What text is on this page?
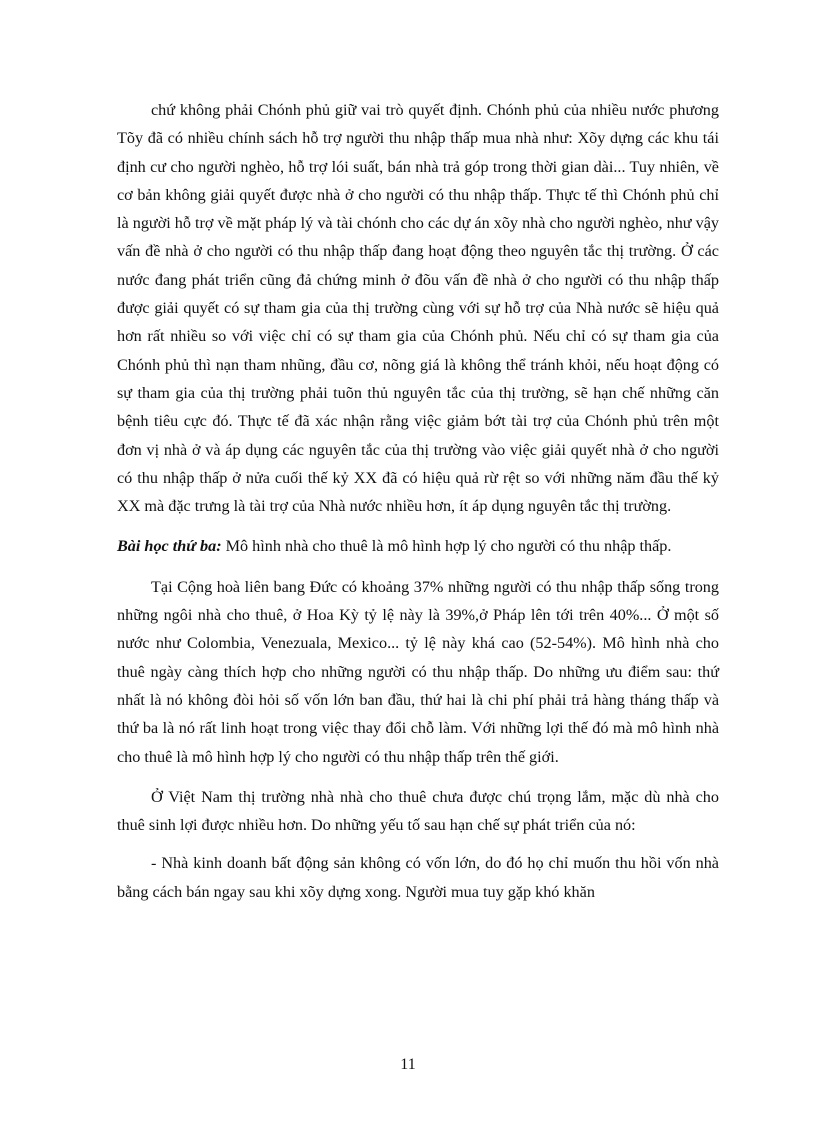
chứ không phải Chónh phủ giữ vai trò quyết định. Chónh phủ của nhiều nước phương Tõy đã có nhiều chính sách hỗ trợ người thu nhập thấp mua nhà như: Xõy dựng các khu tái định cư cho người nghèo, hỗ trợ lói suất, bán nhà trả góp trong thời gian dài... Tuy nhiên, về cơ bản không giải quyết được nhà ở cho người có thu nhập thấp. Thực tế thì Chónh phủ chỉ là người hỗ trợ về mặt pháp lý và tài chónh cho các dự án xõy nhà cho người nghèo, như vậy vấn đề nhà ở cho người có thu nhập thấp đang hoạt động theo nguyên tắc thị trường. Ở các nước đang phát triển cũng đả chứng minh ở đõu vấn đề nhà ở cho người có thu nhập thấp được giải quyết có sự tham gia của thị trường cùng với sự hỗ trợ của Nhà nước sẽ hiệu quả hơn rất nhiều so với việc chỉ có sự tham gia của Chónh phủ. Nếu chỉ có sự tham gia của Chónh phủ thì nạn tham nhũng, đầu cơ, nõng giá là không thể tránh khỏi, nếu hoạt động có sự tham gia của thị trường phải tuõn thủ nguyên tắc của thị trường, sẽ hạn chế những căn bệnh tiêu cực đó. Thực tế đã xác nhận rằng việc giảm bớt tài trợ của Chónh phủ trên một đơn vị nhà ở và áp dụng các nguyên tắc của thị trường vào việc giải quyết nhà ở cho người có thu nhập thấp ở nửa cuối thế kỷ XX đã có hiệu quả rừ rệt so với những năm đầu thế kỷ XX mà đặc trưng là tài trợ của Nhà nước nhiều hơn, ít áp dụng nguyên tắc thị trường.

Bài học thứ ba: Mô hình nhà cho thuê là mô hình hợp lý cho người có thu nhập thấp.

Tại Cộng hoà liên bang Đức có khoảng 37% những người có thu nhập thấp sống trong những ngôi nhà cho thuê, ở Hoa Kỳ tỷ lệ này là 39%,ở Pháp lên tới trên 40%... Ở một số nước như Colombia, Venezuala, Mexico... tỷ lệ này khá cao (52-54%). Mô hình nhà cho thuê ngày càng thích hợp cho những người có thu nhập thấp. Do những ưu điểm sau: thứ nhất là nó không đòi hỏi số vốn lớn ban đầu, thứ hai là chi phí phải trả hàng tháng thấp và thứ ba là nó rất linh hoạt trong việc thay đổi chỗ làm. Với những lợi thế đó mà mô hình nhà cho thuê là mô hình hợp lý cho người có thu nhập thấp trên thế giới.

Ở Việt Nam thị trường nhà nhà cho thuê chưa được chú trọng lắm, mặc dù nhà cho thuê sinh lợi được nhiều hơn. Do những yếu tố sau hạn chế sự phát triển của nó:

- Nhà kinh doanh bất động sản không có vốn lớn, do đó họ chỉ muốn thu hồi vốn nhà bằng cách bán ngay sau khi xõy dựng xong. Người mua tuy gặp khó khăn

11
